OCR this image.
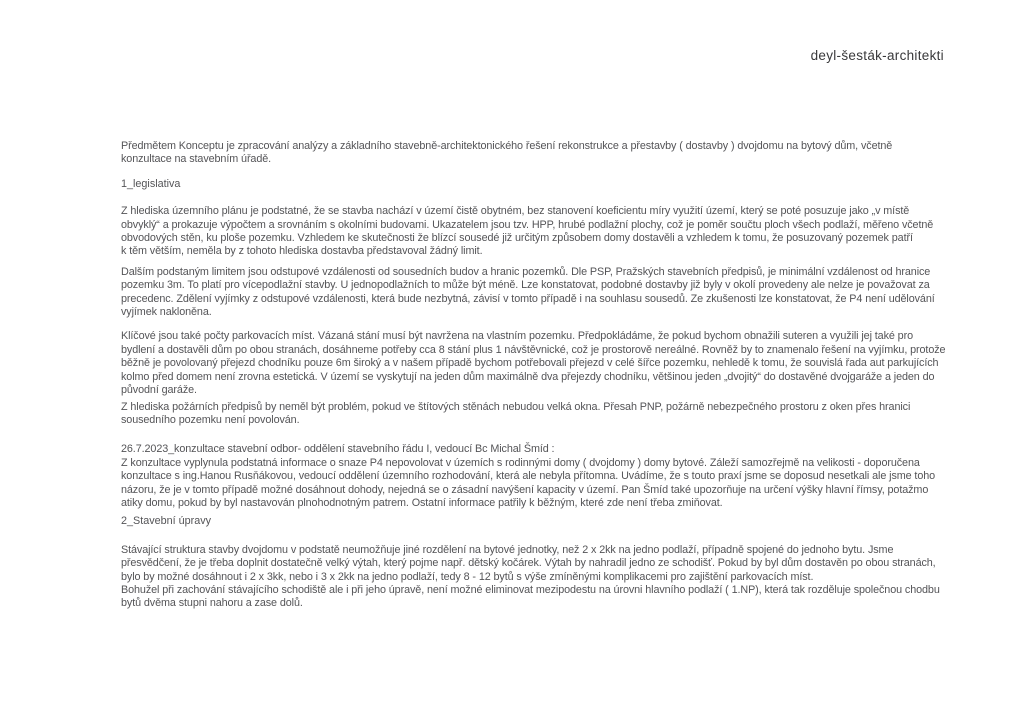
deyl-šesták-architekti
Předmětem Konceptu je zpracování analýzy a základního stavebně-architektonického řešení rekonstrukce a přestavby ( dostavby ) dvojdomu na bytový dům, včetně
konzultace na stavebním úřadě.
1_legislativa
Z hlediska územního plánu je podstatné, že se stavba nachází v území čistě obytném, bez stanovení koeficientu míry využití území, který se poté posuzuje jako „v místě
obvyklý“ a prokazuje výpočtem a srovnáním s okolními budovami. Ukazatelem jsou tzv. HPP, hrubé podlažní plochy, což je poměr součtu ploch všech podlaží, měřeno včetně
obvodových stěn, ku ploše pozemku. Vzhledem ke skutečnosti že blízcí sousedé již určitým způsobem domy dostavěli a vzhledem k tomu, že posuzovaný pozemek patří
k těm větším, neměla by z tohoto hlediska dostavba představoval žádný limit.
Dalším podstaným limitem jsou odstupové vzdálenosti od sousedních budov a hranic pozemků. Dle PSP, Pražských stavebních předpisů, je minimální vzdálenost od hranice
pozemku 3m. To platí pro vícepodlažní stavby. U jednopodlažních to může být méně. Lze konstatovat, podobné dostavby již byly v okolí provedeny ale nelze je považovat za
precedenc. Zdělení vyjímky z odstupové vzdálenosti, která bude nezbytná, závisí v tomto případě i na souhlasu sousedů. Ze zkušenosti lze konstatovat, že P4 není udělování
vyjímek nakloněna.
Klíčové jsou také počty parkovacích míst. Vázaná stání musí být navržena na vlastním pozemku. Předpokládáme, že pokud bychom obnažili suteren a využili jej také pro
bydlení a dostavěli dům po obou stranách, dosáhneme potřeby cca 8 stání plus 1 návštěvnické, což je prostorově nereálné. Rovněž by to znamenalo řešení na vyjímku, protože
běžně je povolovaný přejezd chodníku pouze 6m široký a v našem případě bychom potřebovali přejezd v celé šířce pozemku, nehledě k tomu, že souvislá řada aut parkujících
kolmo před domem není zrovna estetická. V území se vyskytují na jeden dům maximálně dva přejezdy chodníku, většinou jeden „dvojitý“ do dostavěné dvojgaráže a jeden do
původní garáže.
Z hlediska požárních předpisů by neměl být problém, pokud ve štítových stěnách nebudou velká okna. Přesah PNP, požárně nebezpečného prostoru z oken přes hranici
sousedního pozemku není povolován.
26.7.2023_konzultace stavební odbor- oddělení stavebního řádu I, vedoucí Bc Michal Šmíd :
Z konzultace vyplynula podstatná informace o snaze P4 nepovolovat v územích s rodinnými domy ( dvojdomy ) domy bytové. Záleží samozřejmě na velikosti - doporučena
konzultace s ing.Hanou Rusňákovou, vedoucí oddělení územního rozhodování, která ale nebyla přítomna. Uvádíme, že s touto praxí jsme se doposud nesetkali ale jsme toho
názoru, že je v tomto případě možné dosáhnout dohody, nejedná se o zásadní navýšení kapacity v území. Pan Šmíd také upozorňuje na určení výšky hlavní římsy, potažmo
atiky domu, pokud by byl nastavován plnohodnotným patrem. Ostatní informace patřily k běžným, které zde není třeba zmiňovat.
2_Stavební úpravy
Stávající struktura stavby dvojdomu v podstatě neumožňuje jiné rozdělení na bytové jednotky, než 2 x 2kk na jedno podlaží, případně spojené do jednoho bytu. Jsme
přesvědčení, že je třeba doplnit dostatečně velký výtah, který pojme např. dětský kočárek. Výtah by nahradil jedno ze schodišť. Pokud by byl dům dostavěn po obou stranách,
bylo by možné dosáhnout i 2 x 3kk, nebo i 3 x 2kk na jedno podlaží, tedy 8 - 12 bytů s výše zmíněnými komplikacemi pro zajištění parkovacích míst.
Bohužel při zachování stávajícího schodiště ale i při jeho úpravě, není možné eliminovat mezipodestu na úrovni hlavního podlaží ( 1.NP), která tak rozděluje společnou chodbu
bytů dvěma stupni nahoru a zase dolů.
